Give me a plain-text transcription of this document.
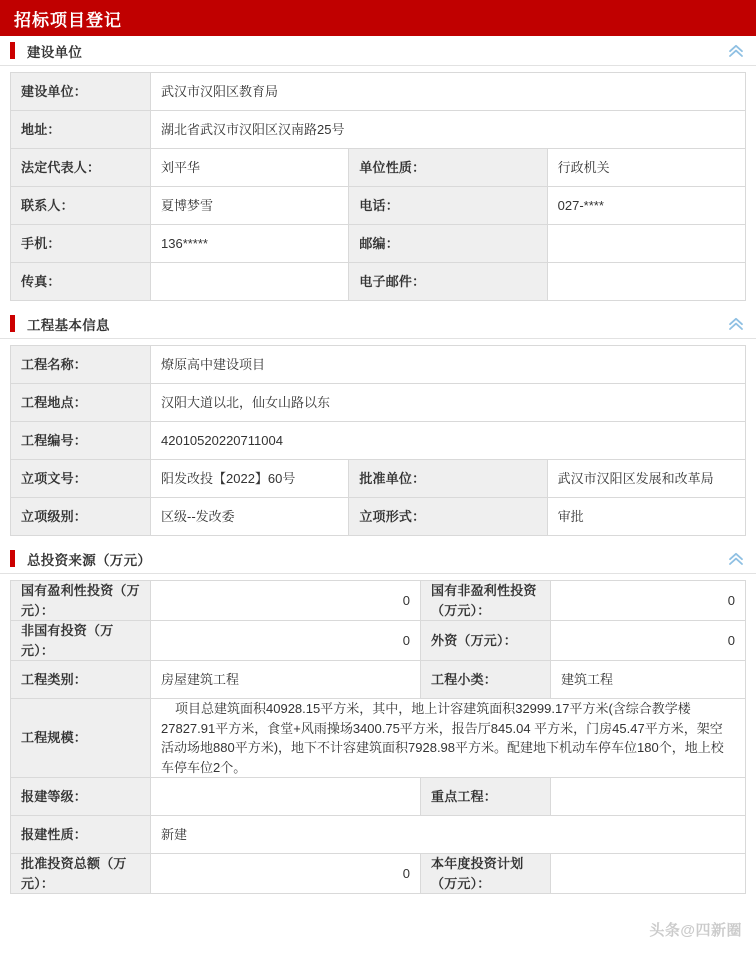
招标项目登记
建设单位
建设单位：	武汉市汉阳区教育局		
地址：	湖北省武汉市汉阳区汉南路25号		
法定代表人：	刘平华	单位性质：	行政机关
联系人：	夏博梦雪	电话：	027-****
手机：	136*****	邮编：	
传真：		电子邮件：	
工程基本信息
工程名称：	燎原高中建设项目		
工程地点：	汉阳大道以北，仙女山路以东		
工程编号：	42010520220711004		
立项文号：	阳发改投【2022】60号	批准单位：	武汉市汉阳区发展和改革局
立项级别：	区级--发改委	立项形式：	审批
总投资来源（万元）
国有盈利性投资（万元）：	0	国有非盈利性投资（万元）：	0
非国有投资（万元）：	0	外资（万元）：	0
工程类别：	房屋建筑工程	工程小类：	建筑工程
工程规模：	项目总建筑面积40928.15平方米，其中，地上计容建筑面积32999.17平方米(含综合教学楼27827.91平方米，食堂+风雨操场3400.75平方米，报告厅845.04 平方米，门房45.47平方米，架空活动场地880平方米)，地下不计容建筑面积7928.98平方米。配建地下机动车停车位180个，地上校车停车位2个。		
报建等级：		重点工程：	
报建性质：	新建		
批准投资总额（万元）：	0	本年度投资计划（万元）：	
头条@四新圈
